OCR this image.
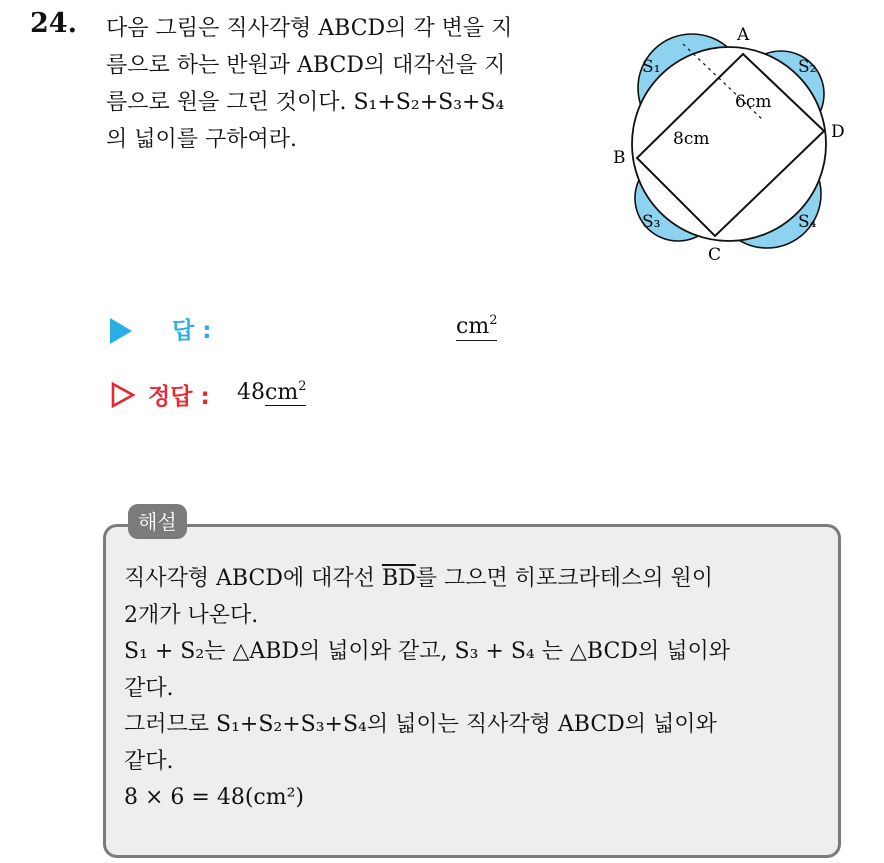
24. 다음 그림은 직사각형 ABCD의 각 변을 지
름으로 하는 반원과 ABCD의 대각선을 지
름으로 원을 그린 것이다. S₁+S₂+S₃+S₄
의 넓이를 구하여라.
A
B
C
D
S₁	S₂
S₃	S₄
6cm
8cm
답 :	$cm^2$
정답 : $48cm^2$
해설
직사각형 ABCD에 대각선 $\overline{BD}$를 그으면 히포크라테스의 원이
2개가 나온다.
S₁ + S₂는 △ABD의 넓이와 같고, S₃ + S₄ 는 △BCD의 넓이와
같다.
그러므로 S₁+S₂+S₃+S₄의 넓이는 직사각형 ABCD의 넓이와
같다.
8 × 6 = 48(cm²)
